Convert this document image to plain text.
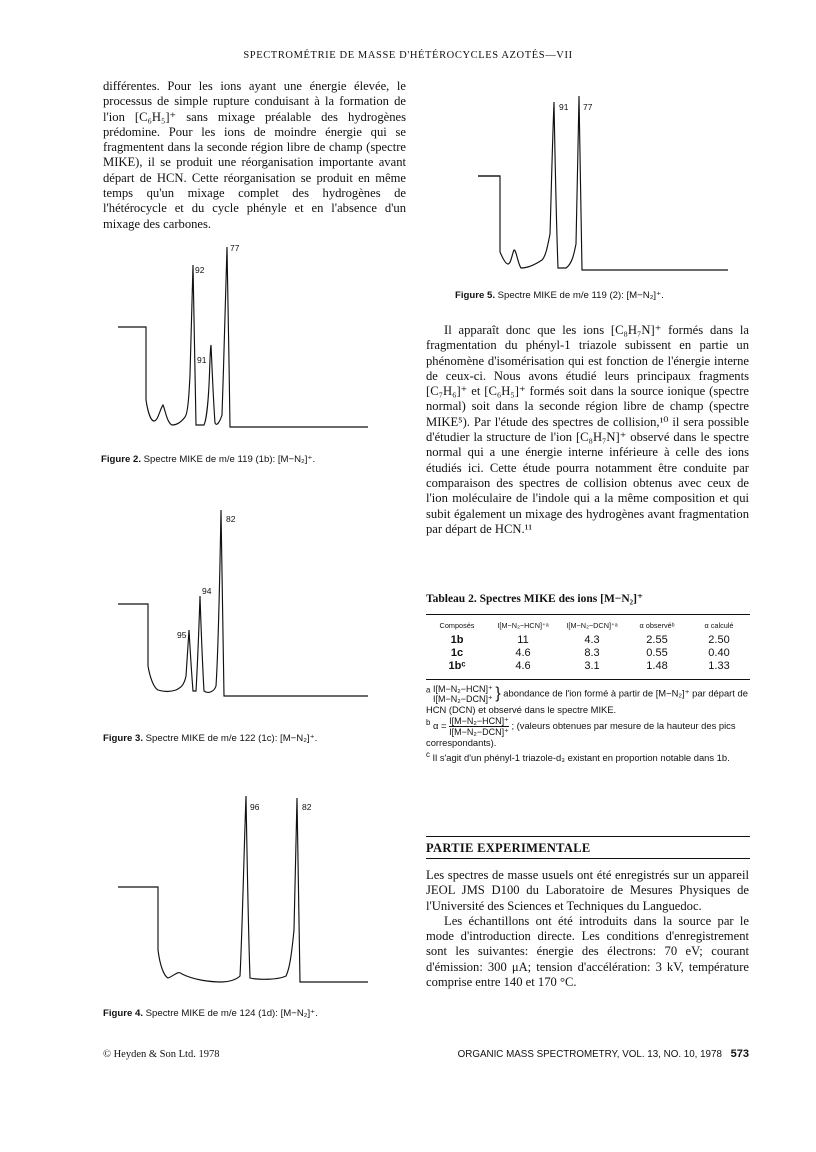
SPECTROMÉTRIE DE MASSE D'HÉTÉROCYCLES AZOTÉS—VII

différentes. Pour les ions ayant une énergie élevée, le processus de simple rupture conduisant à la formation de l'ion [C₆H₅]⁺ sans mixage préalable des hydrogènes prédomine. Pour les ions de moindre énergie qui se fragmentent dans la seconde région libre de champ (spectre MIKE), il se produit une réorganisation importante avant départ de HCN. Cette réorganisation se produit en même temps qu'un mixage complet des hydrogènes de l'hétérocycle et du cycle phényle et en l'absence d'un mixage des carbones.

91 77
Figure 5. Spectre MIKE de m/e 119 (2): [M−N₂]⁺.

Il apparaît donc que les ions [C₈H₇N]⁺ formés dans la fragmentation du phényl-1 triazole subissent en partie un phénomène d'isomérisation qui est fonction de l'énergie interne de ceux-ci. Nous avons étudié leurs principaux fragments [C₇H₆]⁺ et [C₆H₅]⁺ formés soit dans la source ionique (spectre normal) soit dans la seconde région libre de champ (spectre MIKE⁵). Par l'étude des spectres de collision,¹⁰ il sera possible d'étudier la structure de l'ion [C₈H₇N]⁺ observé dans le spectre normal qui a une énergie interne inférieure à celle des ions étudiés ici. Cette étude pourra notamment être conduite par comparaison des spectres de collision obtenus avec ceux de l'ion moléculaire de l'indole qui a la même composition et qui subit également un mixage des hydrogènes avant fragmentation par départ de HCN.¹¹

77
92
91
Figure 2. Spectre MIKE de m/e 119 (1b): [M−N₂]⁺.
82
94
95
Figure 3. Spectre MIKE de m/e 122 (1c): [M−N₂]⁺.
96	82
Figure 4. Spectre MIKE de m/e 124 (1d): [M−N₂]⁺.
Tableau 2. Spectres MIKE des ions [M−N₂]⁺
Composés	I[M−N₂−HCN]⁺ᵃ	I[M−N₂−DCN]⁺ᵃ	α observéᵇ	α calculé
1b	11	4.3	2.55	2.50
1c	4.6	8.3	0.55	0.40
1bᶜ	4.6	3.1	1.48	1.33

$^a$ I[M−N₂−HCN]⁺
I[M−N₂−DCN]⁺ } abondance de l'ion formé à partir de [M−N₂]⁺ par départ de HCN (DCN) et observé dans le spectre MIKE.

$^b$ α = I[M−N₂−HCN]⁺
I[M−N₂−DCN]⁺ ; (valeurs obtenues par mesure de la hauteur des pics correspondants).

$^c$ Il s'agit d'un phényl-1 triazole-d₃ existant en proportion notable dans 1b.

PARTIE EXPERIMENTALE

Les spectres de masse usuels ont été enregistrés sur un appareil JEOL JMS D100 du Laboratoire de Mesures Physiques de l'Université des Sciences et Techniques du Languedoc.

Les échantillons ont été introduits dans la source par le mode d'introduction directe. Les conditions d'enregistrement sont les suivantes: énergie des électrons: 70 eV; courant d'émission: 300 μA; tension d'accélération: 3 kV, température comprise entre 140 et 170 °C.

© Heyden & Son Ltd. 1978	ORGANIC MASS SPECTROMETRY, VOL. 13, NO. 10, 1978 573
